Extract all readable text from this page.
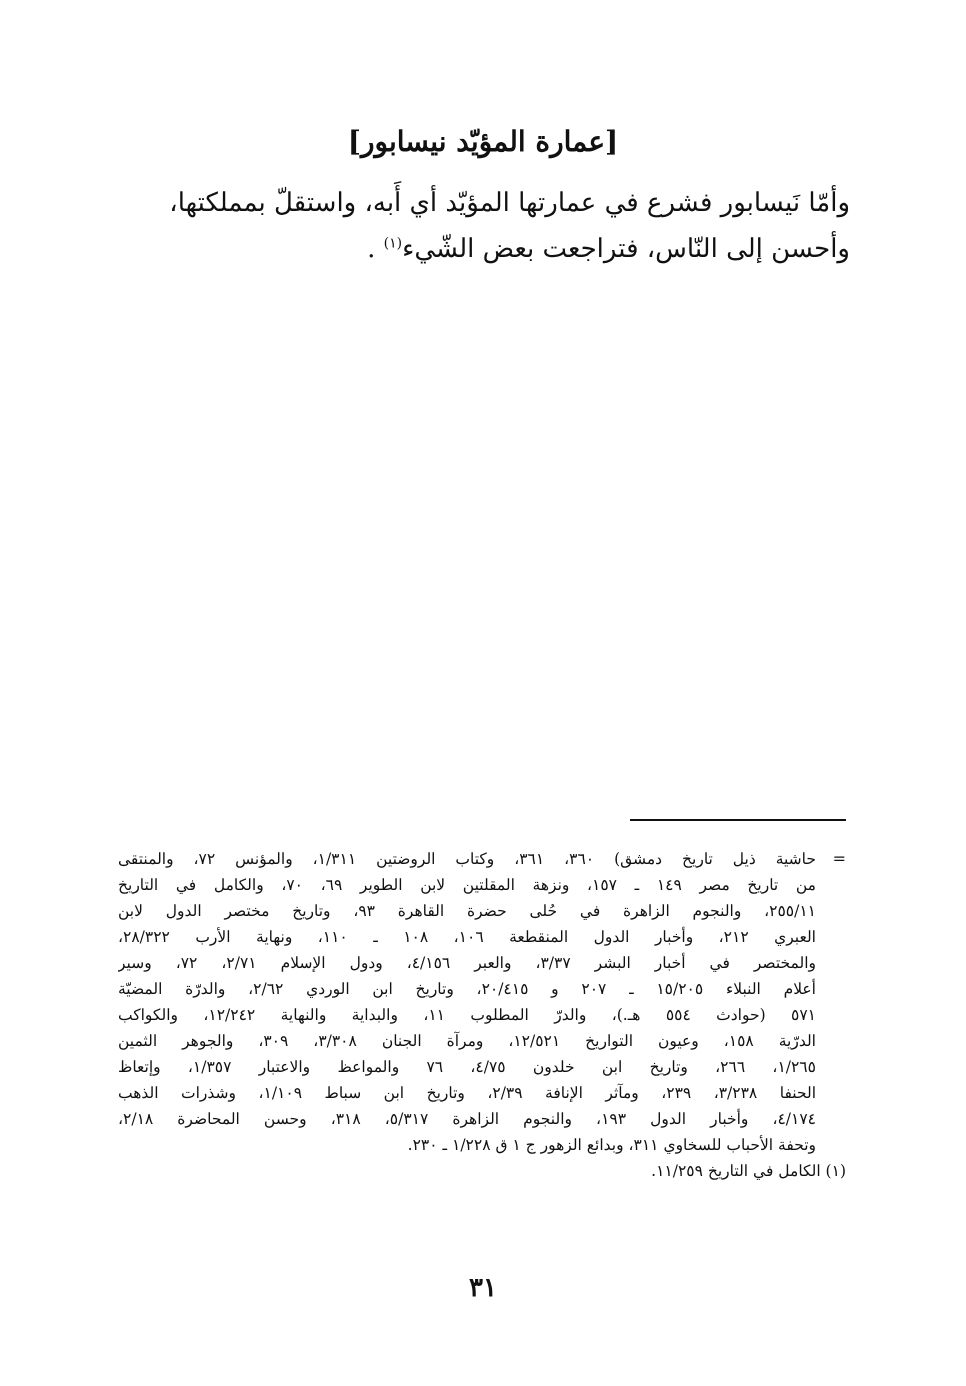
[عمارة المؤيّد نيسابور]
وأمّا نَيسابور فشرع في عمارتها المؤيّد أي أَبه، واستقلّ بمملكتها،
وأحسن إلى النّاس، فتراجعت بعض الشّيء$^{(١)}$ .
=
حاشية ذيل تاريخ دمشق) ٣٦٠، ٣٦١، وكتاب الروضتين ١/٣١١، والمؤنس ٧٢، والمنتقى
من تاريخ مصر ١٤٩ ـ ١٥٧، ونزهة المقلتين لابن الطوير ٦٩، ٧٠، والكامل في التاريخ
٢٥٥/١١، والنجوم الزاهرة في حُلى حضرة القاهرة ٩٣، وتاريخ مختصر الدول لابن
العبري ٢١٢، وأخبار الدول المنقطعة ١٠٦، ١٠٨ ـ ١١٠، ونهاية الأرب ٢٨/٣٢٢،
والمختصر في أخبار البشر ٣/٣٧، والعبر ٤/١٥٦، ودول الإسلام ٢/٧١، ٧٢، وسير
أعلام النبلاء ١٥/٢٠٥ ـ ٢٠٧ و ٢٠/٤١٥، وتاريخ ابن الوردي ٢/٦٢، والدرّة المضيّة
٥٧١ (حوادث ٥٥٤ هـ.)، والدرّ المطلوب ١١، والبداية والنهاية ١٢/٢٤٢، والكواكب
الدرّية ١٥٨، وعيون التواريخ ١٢/٥٢١، ومرآة الجنان ٣/٣٠٨، ٣٠٩، والجوهر الثمين
١/٢٦٥، ٢٦٦، وتاريخ ابن خلدون ٤/٧٥، ٧٦ والمواعظ والاعتبار ١/٣٥٧، وإتعاظ
الحنفا ٣/٢٣٨، ٢٣٩، ومآثر الإنافة ٢/٣٩، وتاريخ ابن سباط ١/١٠٩، وشذرات الذهب
٤/١٧٤، وأخبار الدول ١٩٣، والنجوم الزاهرة ٥/٣١٧، ٣١٨، وحسن المحاضرة ٢/١٨،
وتحفة الأحباب للسخاوي ٣١١، وبدائع الزهور ج ١ ق ١/٢٢٨ ـ ٢٣٠.
(١) الكامل في التاريخ ١١/٢٥٩.
٣١
